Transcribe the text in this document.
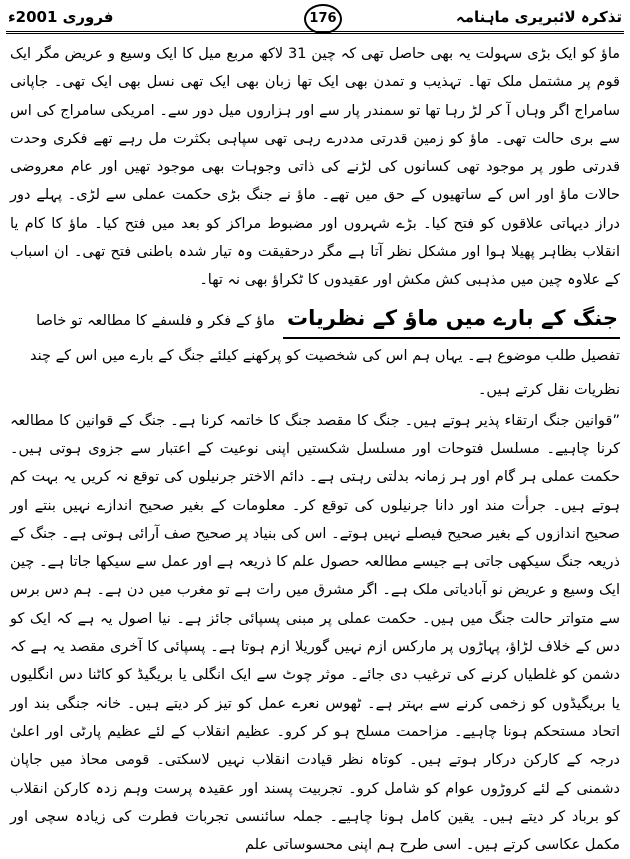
فروری 2001ء	176	تذکرہ لائبریری ماہنامہ

ماؤ کو ایک بڑی سہولت یہ بھی حاصل تھی کہ چین 31 لاکھ مربع میل کا ایک وسیع و عریض مگر ایک قوم پر مشتمل ملک تھا۔ تہذیب و تمدن بھی ایک تھا زبان بھی ایک تھی نسل بھی ایک تھی۔ جاپانی سامراج اگر وہاں آ کر لڑ رہا تھا تو سمندر پار سے اور ہزاروں میل دور سے۔ امریکی سامراج کی اس سے بری حالت تھی۔ ماؤ کو زمین قدرتی مددرے رہی تھی سپاہی بکثرت مل رہے تھے فکری وحدت قدرتی طور پر موجود تھی کسانوں کی لڑنے کی ذاتی وجوہات بھی موجود تھیں اور عام معروضی حالات ماؤ اور اس کے ساتھیوں کے حق میں تھے۔ ماؤ نے جنگ بڑی حکمت عملی سے لڑی۔ پہلے دور دراز دیہاتی علاقوں کو فتح کیا۔ بڑے شہروں اور مضبوط مراکز کو بعد میں فتح کیا۔ ماؤ کا کام یا انقلاب بظاہر پھیلا ہوا اور مشکل نظر آتا ہے مگر درحقیقت وہ تیار شدہ باطنی فتح تھی۔ ان اسباب کے علاوہ چین میں مذہبی کش مکش اور عقیدوں کا ٹکراؤ بھی نہ تھا۔

جنگ کے بارے میں ماؤ کے نظریاتماؤ کے فکر و فلسفے کا مطالعہ تو خاصا تفصیل طلب موضوع ہے۔ یہاں ہم اس کی شخصیت کو پرکھنے کیلئے جنگ کے بارے میں اس کے چند نظریات نقل کرتے ہیں۔

”قوانین جنگ ارتقاء پذیر ہوتے ہیں۔ جنگ کا مقصد جنگ کا خاتمہ کرنا ہے۔ جنگ کے قوانین کا مطالعہ کرنا چاہیے۔ مسلسل فتوحات اور مسلسل شکستیں اپنی نوعیت کے اعتبار سے جزوی ہوتی ہیں۔ حکمت عملی ہر گام اور ہر زمانہ بدلتی رہتی ہے۔ دائم الاختر جرنیلوں کی توقع نہ کریں یہ بہت کم ہوتے ہیں۔ جرأت مند اور دانا جرنیلوں کی توقع کر۔ معلومات کے بغیر صحیح اندازے نہیں بنتے اور صحیح اندازوں کے بغیر صحیح فیصلے نہیں ہوتے۔ اس کی بنیاد پر صحیح صف آرائی ہوتی ہے۔ جنگ کے ذریعہ جنگ سیکھی جاتی ہے جیسے مطالعہ حصول علم کا ذریعہ ہے اور عمل سے سیکھا جاتا ہے۔ چین ایک وسیع و عریض نو آبادیاتی ملک ہے۔ اگر مشرق میں رات ہے تو مغرب میں دن ہے۔ ہم دس برس سے متواتر حالت جنگ میں ہیں۔ حکمت عملی پر مبنی پسپائی جائز ہے۔ نیا اصول یہ ہے کہ ایک کو دس کے خلاف لڑاؤ، پہاڑوں پر مارکس ازم نہیں گوریلا ازم ہوتا ہے۔ پسپائی کا آخری مقصد یہ ہے کہ دشمن کو غلطیاں کرنے کی ترغیب دی جائے۔ موثر چوٹ سے ایک انگلی یا بریگیڈ کو کاٹنا دس انگلیوں یا بریگیڈوں کو زخمی کرنے سے بہتر ہے۔ ٹھوس نعرے عمل کو تیز کر دیتے ہیں۔ خانہ جنگی بند اور اتحاد مستحکم ہونا چاہیے۔ مزاحمت مسلح ہو کر کرو۔ عظیم انقلاب کے لئے عظیم پارٹی اور اعلیٰ درجہ کے کارکن درکار ہوتے ہیں۔ کوتاہ نظر قیادت انقلاب نہیں لاسکتی۔ قومی محاذ میں جاپان دشمنی کے لئے کروڑوں عوام کو شامل کرو۔ تجربیت پسند اور عقیدہ پرست وہم زدہ کارکن انقلاب کو برباد کر دیتے ہیں۔ یقین کامل ہونا چاہیے۔ جملہ سائنسی تجربات فطرت کی زیادہ سچی اور مکمل عکاسی کرتے ہیں۔ اسی طرح ہم اپنی محسوساتی علم
